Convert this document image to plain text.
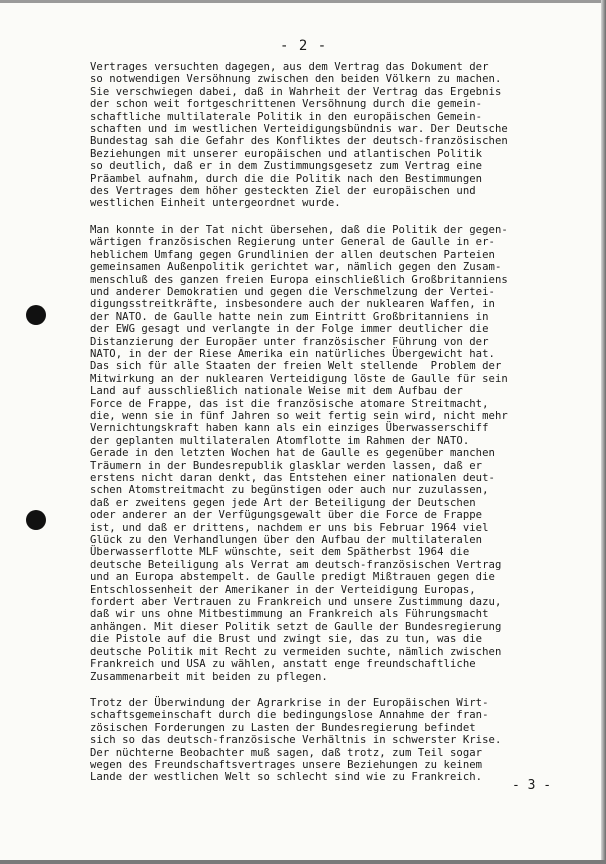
- 2 -
Vertrages versuchten dagegen, aus dem Vertrag das Dokument der
so notwendigen Versöhnung zwischen den beiden Völkern zu machen.
Sie verschwiegen dabei, daß in Wahrheit der Vertrag das Ergebnis
der schon weit fortgeschrittenen Versöhnung durch die gemein-
schaftliche multilaterale Politik in den europäischen Gemein-
schaften und im westlichen Verteidigungsbündnis war. Der Deutsche
Bundestag sah die Gefahr des Konfliktes der deutsch-französischen
Beziehungen mit unserer europäischen und atlantischen Politik
so deutlich, daß er in dem Zustimmungsgesetz zum Vertrag eine
Präambel aufnahm, durch die die Politik nach den Bestimmungen
des Vertrages dem höher gesteckten Ziel der europäischen und
westlichen Einheit untergeordnet wurde.
Man konnte in der Tat nicht übersehen, daß die Politik der gegen-
wärtigen französischen Regierung unter General de Gaulle in er-
heblichem Umfang gegen Grundlinien der allen deutschen Parteien
gemeinsamen Außenpolitik gerichtet war, nämlich gegen den Zusam-
menschluß des ganzen freien Europa einschließlich Großbritanniens
und anderer Demokratien und gegen die Verschmelzung der Vertei-
digungsstreitkräfte, insbesondere auch der nuklearen Waffen, in
der NATO. de Gaulle hatte nein zum Eintritt Großbritanniens in
der EWG gesagt und verlangte in der Folge immer deutlicher die
Distanzierung der Europäer unter französischer Führung von der
NATO, in der der Riese Amerika ein natürliches Übergewicht hat.
Das sich für alle Staaten der freien Welt stellende  Problem der
Mitwirkung an der nuklearen Verteidigung löste de Gaulle für sein
Land auf ausschließlich nationale Weise mit dem Aufbau der
Force de Frappe, das ist die französische atomare Streitmacht,
die, wenn sie in fünf Jahren so weit fertig sein wird, nicht mehr
Vernichtungskraft haben kann als ein einziges Überwasserschiff
der geplanten multilateralen Atomflotte im Rahmen der NATO.
Gerade in den letzten Wochen hat de Gaulle es gegenüber manchen
Träumern in der Bundesrepublik glasklar werden lassen, daß er
erstens nicht daran denkt, das Entstehen einer nationalen deut-
schen Atomstreitmacht zu begünstigen oder auch nur zuzulassen,
daß er zweitens gegen jede Art der Beteiligung der Deutschen
oder anderer an der Verfügungsgewalt über die Force de Frappe
ist, und daß er drittens, nachdem er uns bis Februar 1964 viel
Glück zu den Verhandlungen über den Aufbau der multilateralen
Überwasserflotte MLF wünschte, seit dem Spätherbst 1964 die
deutsche Beteiligung als Verrat am deutsch-französischen Vertrag
und an Europa abstempelt. de Gaulle predigt Mißtrauen gegen die
Entschlossenheit der Amerikaner in der Verteidigung Europas,
fordert aber Vertrauen zu Frankreich und unsere Zustimmung dazu,
daß wir uns ohne Mitbestimmung an Frankreich als Führungsmacht
anhängen. Mit dieser Politik setzt de Gaulle der Bundesregierung
die Pistole auf die Brust und zwingt sie, das zu tun, was die
deutsche Politik mit Recht zu vermeiden suchte, nämlich zwischen
Frankreich und USA zu wählen, anstatt enge freundschaftliche
Zusammenarbeit mit beiden zu pflegen.
Trotz der Überwindung der Agrarkrise in der Europäischen Wirt-
schaftsgemeinschaft durch die bedingungslose Annahme der fran-
zösischen Forderungen zu Lasten der Bundesregierung befindet
sich so das deutsch-französische Verhältnis in schwerster Krise.
Der nüchterne Beobachter muß sagen, daß trotz, zum Teil sogar
wegen des Freundschaftsvertrages unsere Beziehungen zu keinem
Lande der westlichen Welt so schlecht sind wie zu Frankreich.
- 3 -
